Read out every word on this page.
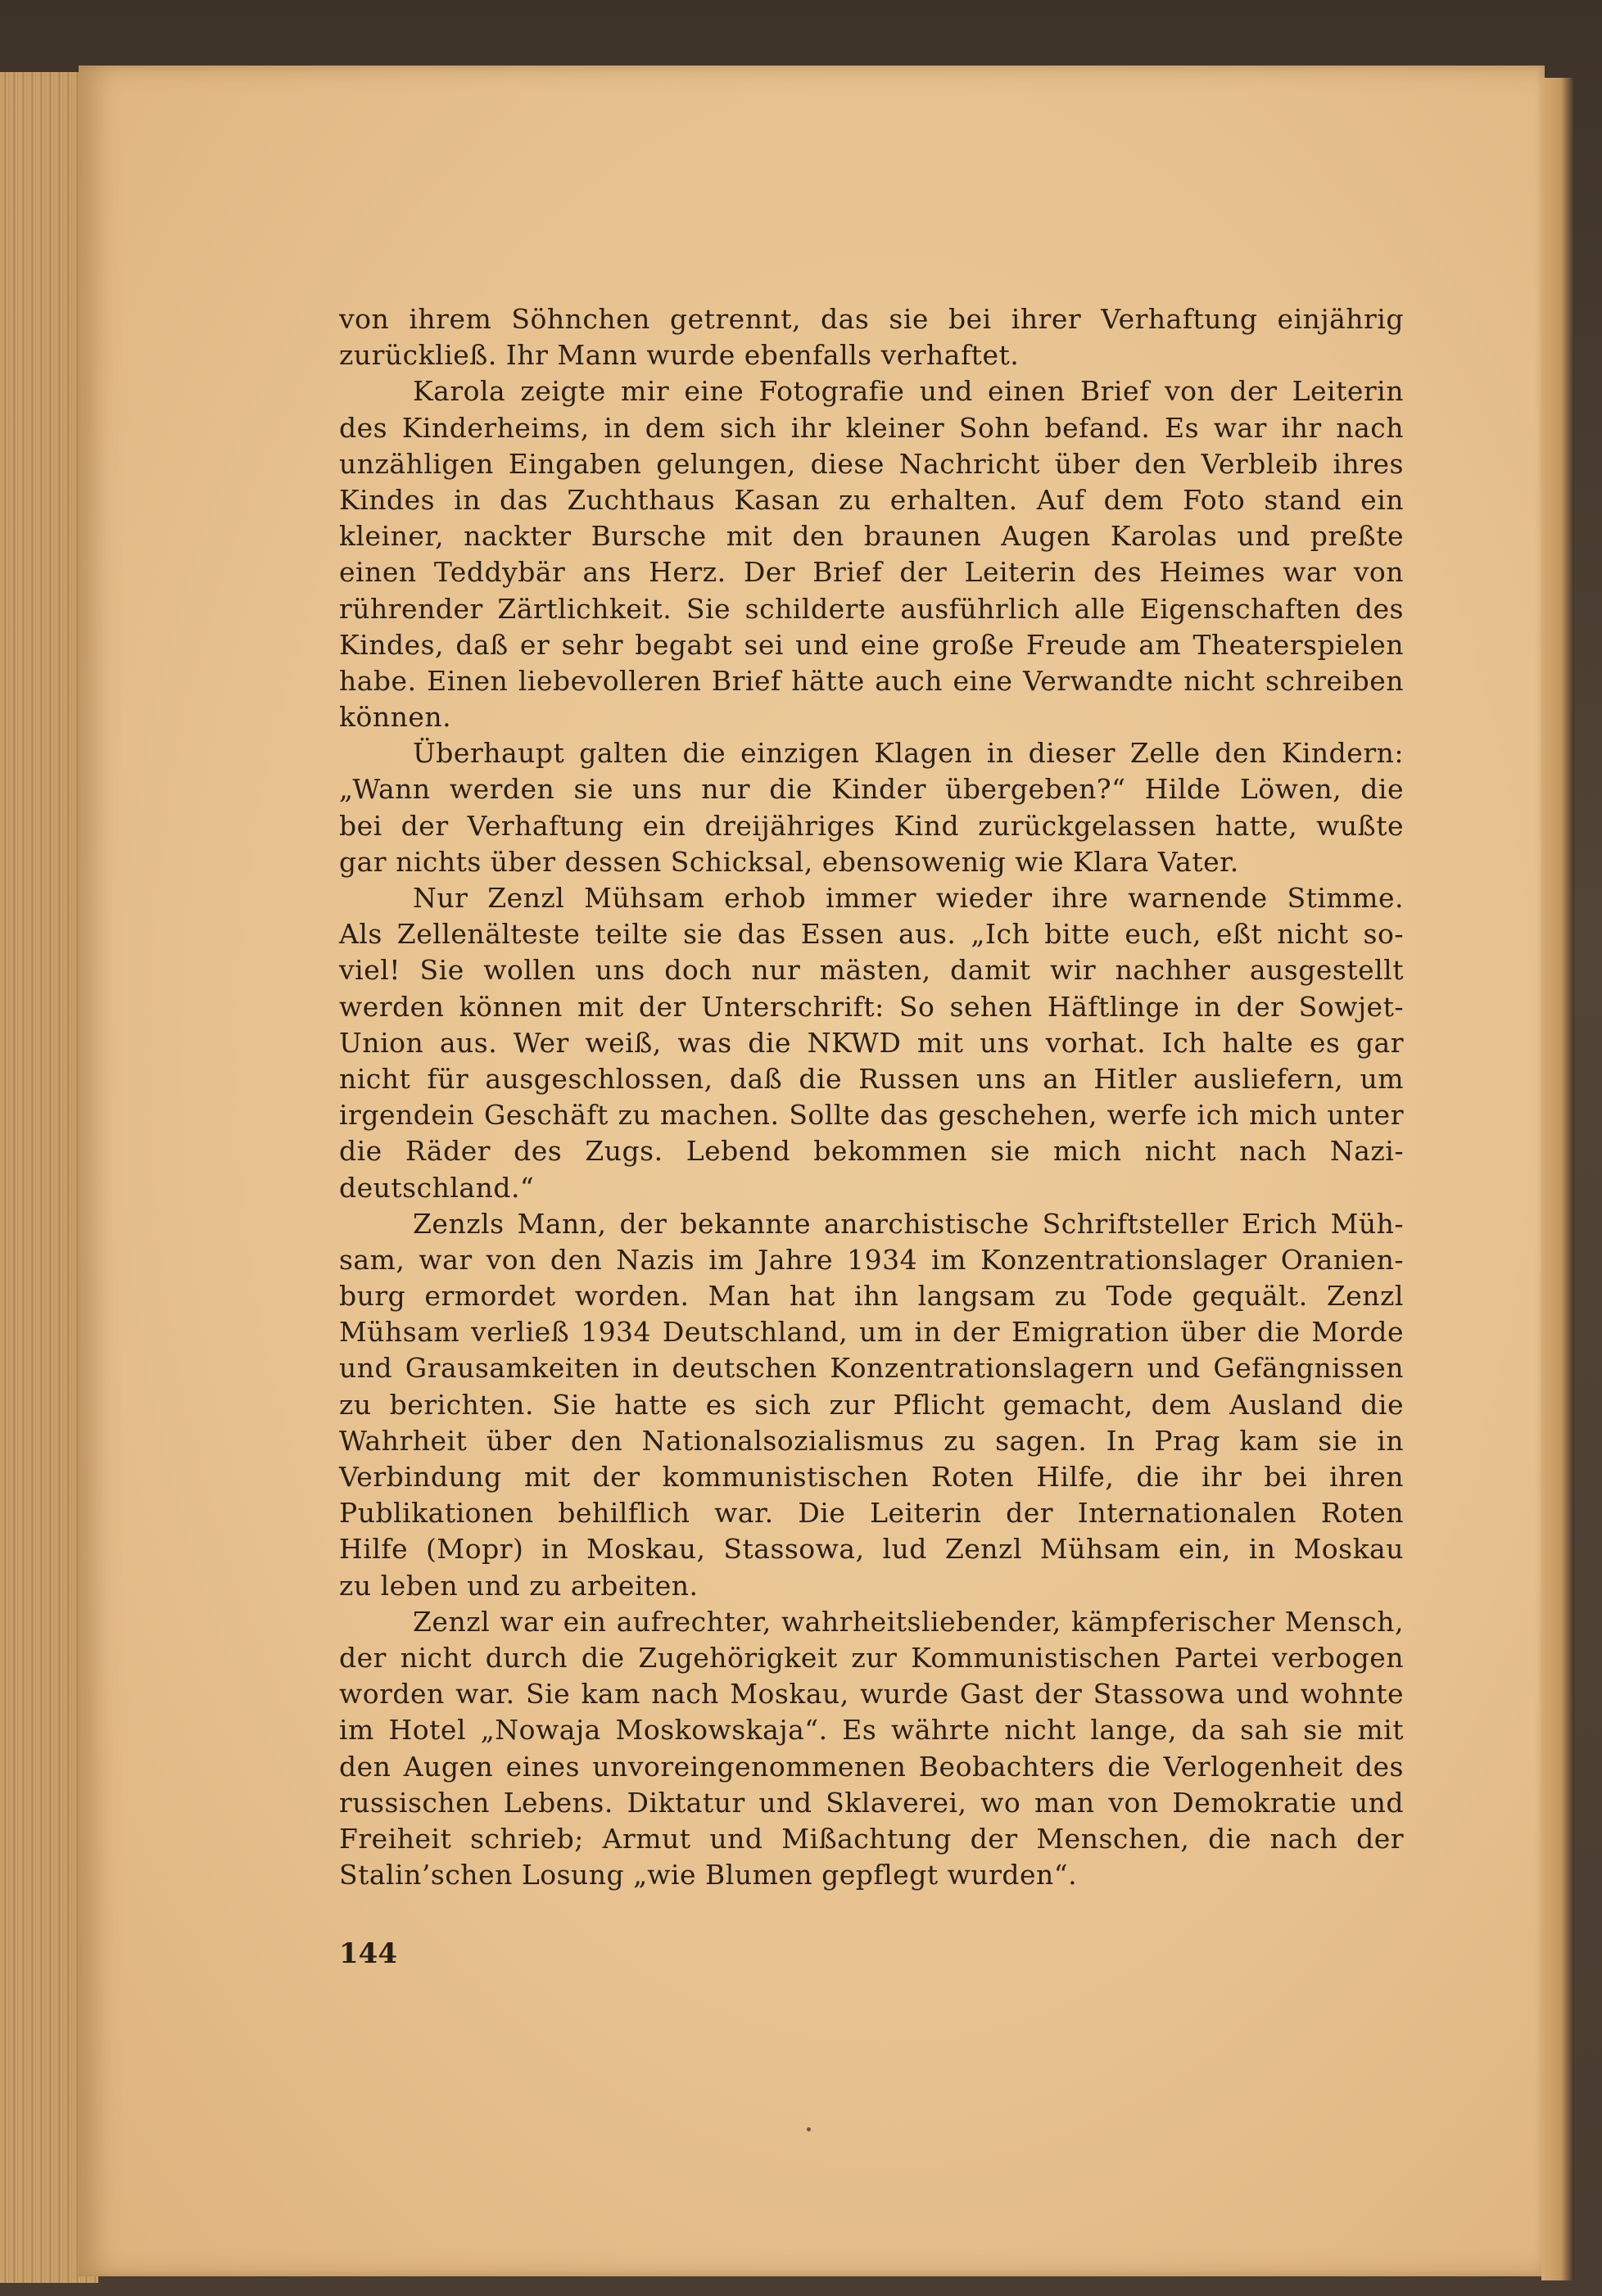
von ihrem Söhnchen getrennt, das sie bei ihrer Verhaftung einjährig
zurückließ. Ihr Mann wurde ebenfalls verhaftet.
Karola zeigte mir eine Fotografie und einen Brief von der Leiterin
des Kinderheims, in dem sich ihr kleiner Sohn befand. Es war ihr nach
unzähligen Eingaben gelungen, diese Nachricht über den Verbleib ihres
Kindes in das Zuchthaus Kasan zu erhalten. Auf dem Foto stand ein
kleiner, nackter Bursche mit den braunen Augen Karolas und preßte
einen Teddybär ans Herz. Der Brief der Leiterin des Heimes war von
rührender Zärtlichkeit. Sie schilderte ausführlich alle Eigenschaften des
Kindes, daß er sehr begabt sei und eine große Freude am Theaterspielen
habe. Einen liebevolleren Brief hätte auch eine Verwandte nicht schreiben
können.
Überhaupt galten die einzigen Klagen in dieser Zelle den Kindern:
„Wann werden sie uns nur die Kinder übergeben?“ Hilde Löwen, die
bei der Verhaftung ein dreijähriges Kind zurückgelassen hatte, wußte
gar nichts über dessen Schicksal, ebensowenig wie Klara Vater.
Nur Zenzl Mühsam erhob immer wieder ihre warnende Stimme.
Als Zellenälteste teilte sie das Essen aus. „Ich bitte euch, eßt nicht so-
viel! Sie wollen uns doch nur mästen, damit wir nachher ausgestellt
werden können mit der Unterschrift: So sehen Häftlinge in der Sowjet-
Union aus. Wer weiß, was die NKWD mit uns vorhat. Ich halte es gar
nicht für ausgeschlossen, daß die Russen uns an Hitler ausliefern, um
irgendein Geschäft zu machen. Sollte das geschehen, werfe ich mich unter
die Räder des Zugs. Lebend bekommen sie mich nicht nach Nazi-
deutschland.“
Zenzls Mann, der bekannte anarchistische Schriftsteller Erich Müh-
sam, war von den Nazis im Jahre 1934 im Konzentrationslager Oranien-
burg ermordet worden. Man hat ihn langsam zu Tode gequält. Zenzl
Mühsam verließ 1934 Deutschland, um in der Emigration über die Morde
und Grausamkeiten in deutschen Konzentrationslagern und Gefängnissen
zu berichten. Sie hatte es sich zur Pflicht gemacht, dem Ausland die
Wahrheit über den Nationalsozialismus zu sagen. In Prag kam sie in
Verbindung mit der kommunistischen Roten Hilfe, die ihr bei ihren
Publikationen behilflich war. Die Leiterin der Internationalen Roten
Hilfe (Mopr) in Moskau, Stassowa, lud Zenzl Mühsam ein, in Moskau
zu leben und zu arbeiten.
Zenzl war ein aufrechter, wahrheitsliebender, kämpferischer Mensch,
der nicht durch die Zugehörigkeit zur Kommunistischen Partei verbogen
worden war. Sie kam nach Moskau, wurde Gast der Stassowa und wohnte
im Hotel „Nowaja Moskowskaja“. Es währte nicht lange, da sah sie mit
den Augen eines unvoreingenommenen Beobachters die Verlogenheit des
russischen Lebens. Diktatur und Sklaverei, wo man von Demokratie und
Freiheit schrieb; Armut und Mißachtung der Menschen, die nach der
Stalin’schen Losung „wie Blumen gepflegt wurden“.
144
